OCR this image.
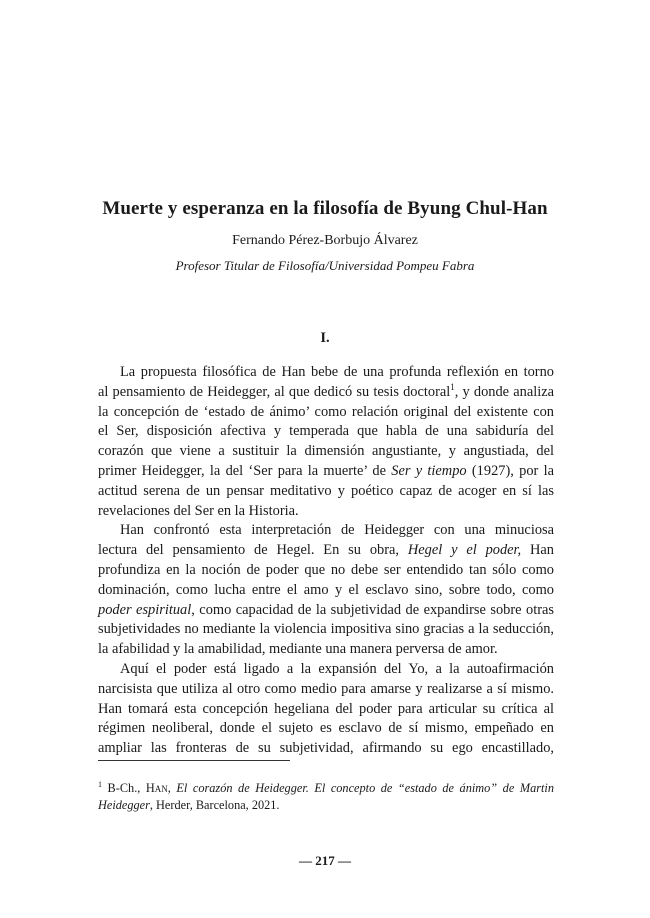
Muerte y esperanza en la filosofía de Byung Chul-Han
Fernando Pérez-Borbujo Álvarez
Profesor Titular de Filosofía/Universidad Pompeu Fabra
I.
La propuesta filosófica de Han bebe de una profunda reflexión en torno
al pensamiento de Heidegger, al que dedicó su tesis doctoral$^1$, y donde analiza
la concepción de ‘estado de ánimo’ como relación original del existente con
el Ser, disposición afectiva y temperada que habla de una sabiduría del
corazón que viene a sustituir la dimensión angustiante, y angustiada, del
primer Heidegger, la del ‘Ser para la muerte’ de Ser y tiempo (1927), por la
actitud serena de un pensar meditativo y poético capaz de acoger en sí las
revelaciones del Ser en la Historia.
Han confrontó esta interpretación de Heidegger con una minuciosa
lectura del pensamiento de Hegel. En su obra, Hegel y el poder, Han
profundiza en la noción de poder que no debe ser entendido tan sólo como
dominación, como lucha entre el amo y el esclavo sino, sobre todo, como
poder espiritual, como capacidad de la subjetividad de expandirse sobre otras
subjetividades no mediante la violencia impositiva sino gracias a la seducción,
la afabilidad y la amabilidad, mediante una manera perversa de amor.
Aquí el poder está ligado a la expansión del Yo, a la autoafirmación
narcisista que utiliza al otro como medio para amarse y realizarse a sí mismo.
Han tomará esta concepción hegeliana del poder para articular su crítica al
régimen neoliberal, donde el sujeto es esclavo de sí mismo, empeñado en
ampliar las fronteras de su subjetividad, afirmando su ego encastillado,
$^1$ B-Ch., Han, El corazón de Heidegger. El concepto de “estado de ánimo” de Martin
Heidegger, Herder, Barcelona, 2021.
— 217 —
